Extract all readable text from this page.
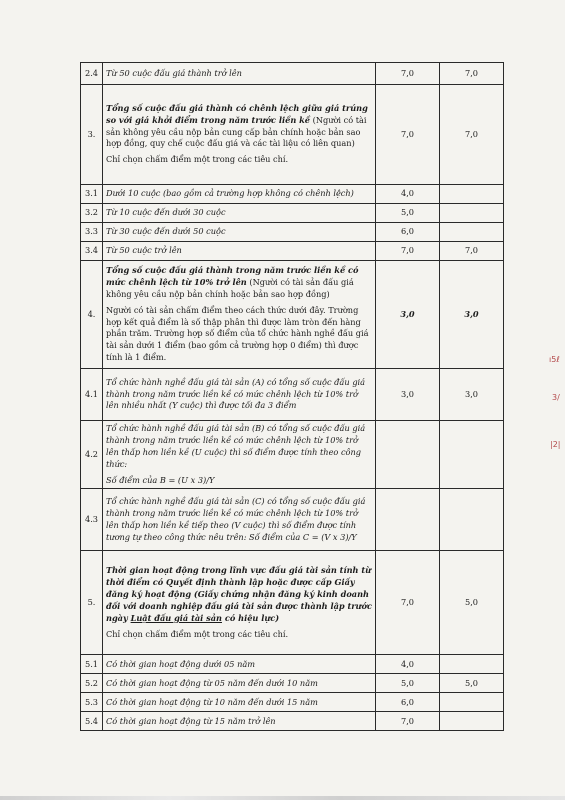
2.4	Từ 50 cuộc đấu giá thành trở lên	7,0	7,0
3.	Tổng số cuộc đấu giá thành có chênh lệch giữa giá trúng so với giá khởi điểm trong năm trước liền kề (Người có tài sản không yêu cầu nộp bản cung cấp bản chính hoặc bản sao hợp đồng, quy chế cuộc đấu giá và các tài liệu có liên quan)

Chỉ chọn chấm điểm một trong các tiêu chí.	7,0	7,0
3.1	Dưới 10 cuộc (bao gồm cả trường hợp không có chênh lệch)	4,0	
3.2	Từ 10 cuộc đến dưới 30 cuộc	5,0	
3.3	Từ 30 cuộc đến dưới 50 cuộc	6,0	
3.4	Từ 50 cuộc trở lên	7,0	7,0
4.	Tổng số cuộc đấu giá thành trong năm trước liền kề có mức chênh lệch từ 10% trở lên (Người có tài sản đấu giá không yêu cầu nộp bản chính hoặc bản sao hợp đồng)

Người có tài sản chấm điểm theo cách thức dưới đây. Trường hợp kết quả điểm là số thập phân thì được làm tròn đến hàng phần trăm. Trường hợp số điểm của tổ chức hành nghề đấu giá tài sản dưới 1 điểm (bao gồm cả trường hợp 0 điểm) thì được tính là 1 điểm.	3,0	3,0
4.1	Tổ chức hành nghề đấu giá tài sản (A) có tổng số cuộc đấu giá thành trong năm trước liền kề có mức chênh lệch từ 10% trở lên nhiều nhất (Y cuộc) thì được tối đa 3 điểm	3,0	3,0
4.2	Tổ chức hành nghề đấu giá tài sản (B) có tổng số cuộc đấu giá thành trong năm trước liền kề có mức chênh lệch từ 10% trở lên thấp hơn liền kề (U cuộc) thì số điểm được tính theo công thức:

Số điểm của B = (U x 3)/Y		

4.3	Tổ chức hành nghề đấu giá tài sản (C) có tổng số cuộc đấu giá thành trong năm trước liền kề có mức chênh lệch từ 10% trở lên thấp hơn liền kề tiếp theo (V cuộc) thì số điểm được tính tương tự theo công thức nêu trên: Số điểm của C = (V x 3)/Y		
5.	Thời gian hoạt động trong lĩnh vực đấu giá tài sản tính từ thời điểm có Quyết định thành lập hoặc được cấp Giấy đăng ký hoạt động (Giấy chứng nhận đăng ký kinh doanh đối với doanh nghiệp đấu giá tài sản được thành lập trước ngày Luật đấu giá tài sản có hiệu lực)

Chỉ chọn chấm điểm một trong các tiêu chí.	7,0	5,0
5.1	Có thời gian hoạt động dưới 05 năm	4,0	
5.2	Có thời gian hoạt động từ 05 năm đến dưới 10 năm	5,0	5,0
5.3	Có thời gian hoạt động từ 10 năm đến dưới 15 năm	6,0	
5.4	Có thời gian hoạt động từ 15 năm trở lên	7,0	
ı5ℓ
3/
|2|
